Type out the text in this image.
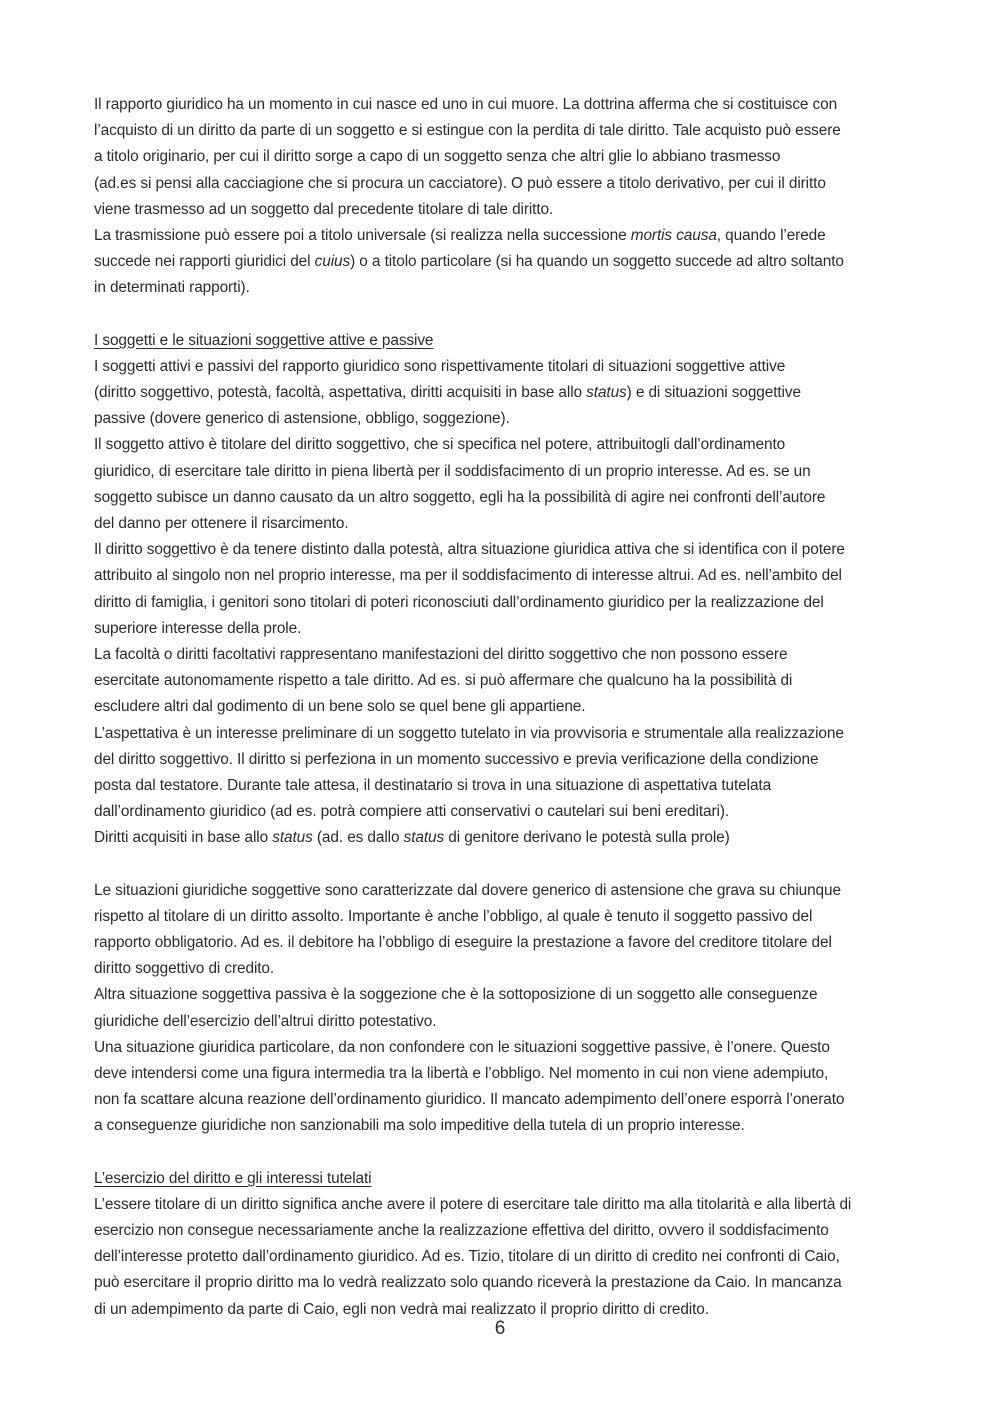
Il rapporto giuridico ha un momento in cui nasce ed uno in cui muore. La dottrina afferma che si costituisce con
l’acquisto di un diritto da parte di un soggetto e si estingue con la perdita di tale diritto. Tale acquisto può essere
a titolo originario, per cui il diritto sorge a capo di un soggetto senza che altri glie lo abbiano trasmesso
(ad.es si pensi alla cacciagione che si procura un cacciatore). O può essere a titolo derivativo, per cui il diritto
viene trasmesso ad un soggetto dal precedente titolare di tale diritto.
La trasmissione può essere poi a titolo universale (si realizza nella successione mortis causa, quando l’erede
succede nei rapporti giuridici del cuius) o a titolo particolare (si ha quando un soggetto succede ad altro soltanto
in determinati rapporti).
I soggetti e le situazioni soggettive attive e passive
I soggetti attivi e passivi del rapporto giuridico sono rispettivamente titolari di situazioni soggettive attive
(diritto soggettivo, potestà, facoltà, aspettativa, diritti acquisiti in base allo status) e di situazioni soggettive
passive (dovere generico di astensione, obbligo, soggezione).
Il soggetto attivo è titolare del diritto soggettivo, che si specifica nel potere, attribuitogli dall’ordinamento
giuridico, di esercitare tale diritto in piena libertà per il soddisfacimento di un proprio interesse. Ad es. se un
soggetto subisce un danno causato da un altro soggetto, egli ha la possibilità di agire nei confronti dell’autore
del danno per ottenere il risarcimento.
Il diritto soggettivo è da tenere distinto dalla potestà, altra situazione giuridica attiva che si identifica con il potere
attribuito al singolo non nel proprio interesse, ma per il soddisfacimento di interesse altrui. Ad es. nell’ambito del
diritto di famiglia, i genitori sono titolari di poteri riconosciuti dall’ordinamento giuridico per la realizzazione del
superiore interesse della prole.
La facoltà o diritti facoltativi rappresentano manifestazioni del diritto soggettivo che non possono essere
esercitate autonomamente rispetto a tale diritto. Ad es. si può affermare che qualcuno ha la possibilità di
escludere altri dal godimento di un bene solo se quel bene gli appartiene.
L’aspettativa è un interesse preliminare di un soggetto tutelato in via provvisoria e strumentale alla realizzazione
del diritto soggettivo. Il diritto si perfeziona in un momento successivo e previa verificazione della condizione
posta dal testatore. Durante tale attesa, il destinatario si trova in una situazione di aspettativa tutelata
dall’ordinamento giuridico (ad es. potrà compiere atti conservativi o cautelari sui beni ereditari).
Diritti acquisiti in base allo status (ad. es dallo status di genitore derivano le potestà sulla prole)
Le situazioni giuridiche soggettive sono caratterizzate dal dovere generico di astensione che grava su chiunque
rispetto al titolare di un diritto assolto. Importante è anche l’obbligo, al quale è tenuto il soggetto passivo del
rapporto obbligatorio. Ad es. il debitore ha l’obbligo di eseguire la prestazione a favore del creditore titolare del
diritto soggettivo di credito.
Altra situazione soggettiva passiva è la soggezione che è la sottoposizione di un soggetto alle conseguenze
giuridiche dell’esercizio dell’altrui diritto potestativo.
Una situazione giuridica particolare, da non confondere con le situazioni soggettive passive, è l’onere. Questo
deve intendersi come una figura intermedia tra la libertà e l’obbligo. Nel momento in cui non viene adempiuto,
non fa scattare alcuna reazione dell’ordinamento giuridico. Il mancato adempimento dell’onere esporrà l’onerato
a conseguenze giuridiche non sanzionabili ma solo impeditive della tutela di un proprio interesse.
L’esercizio del diritto e gli interessi tutelati
L’essere titolare di un diritto significa anche avere il potere di esercitare tale diritto ma alla titolarità e alla libertà di
esercizio non consegue necessariamente anche la realizzazione effettiva del diritto, ovvero il soddisfacimento
dell’interesse protetto dall’ordinamento giuridico. Ad es. Tizio, titolare di un diritto di credito nei confronti di Caio,
può esercitare il proprio diritto ma lo vedrà realizzato solo quando riceverà la prestazione da Caio. In mancanza
di un adempimento da parte di Caio, egli non vedrà mai realizzato il proprio diritto di credito.
6
